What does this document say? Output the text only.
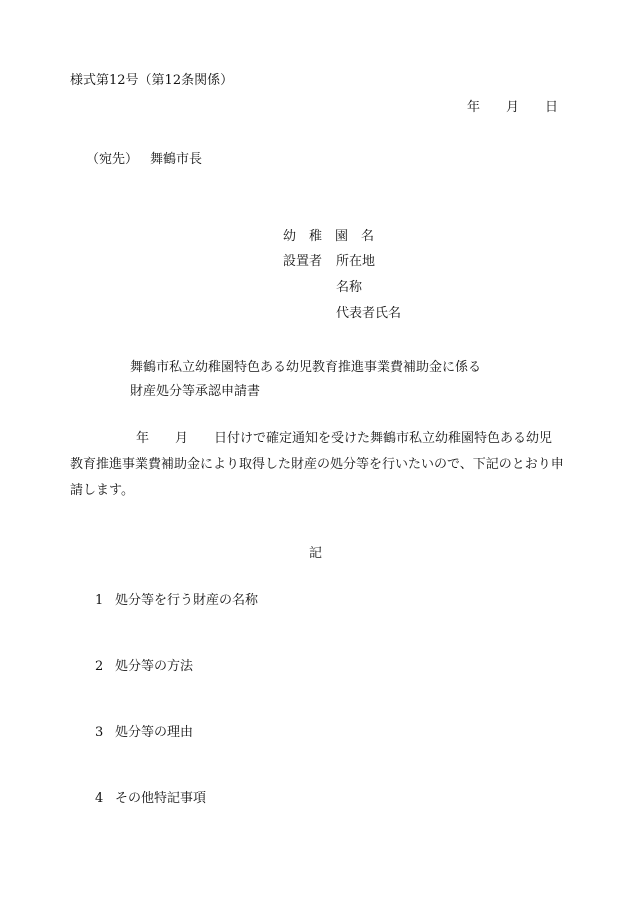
様式第12号（第12条関係）
年 月 日
（宛先） 舞鶴市長
幼稚園名
設置者 所在地
名称
代表者氏名
舞鶴市私立幼稚園特色ある幼児教育推進事業費補助金に係る
財産処分等承認申請書
年 月 日付けで確定通知を受けた舞鶴市私立幼稚園特色ある幼児
教育推進事業費補助金により取得した財産の処分等を行いたいので、下記のとおり申請します。
記
1 処分等を行う財産の名称
2 処分等の方法
3 処分等の理由
4 その他特記事項
